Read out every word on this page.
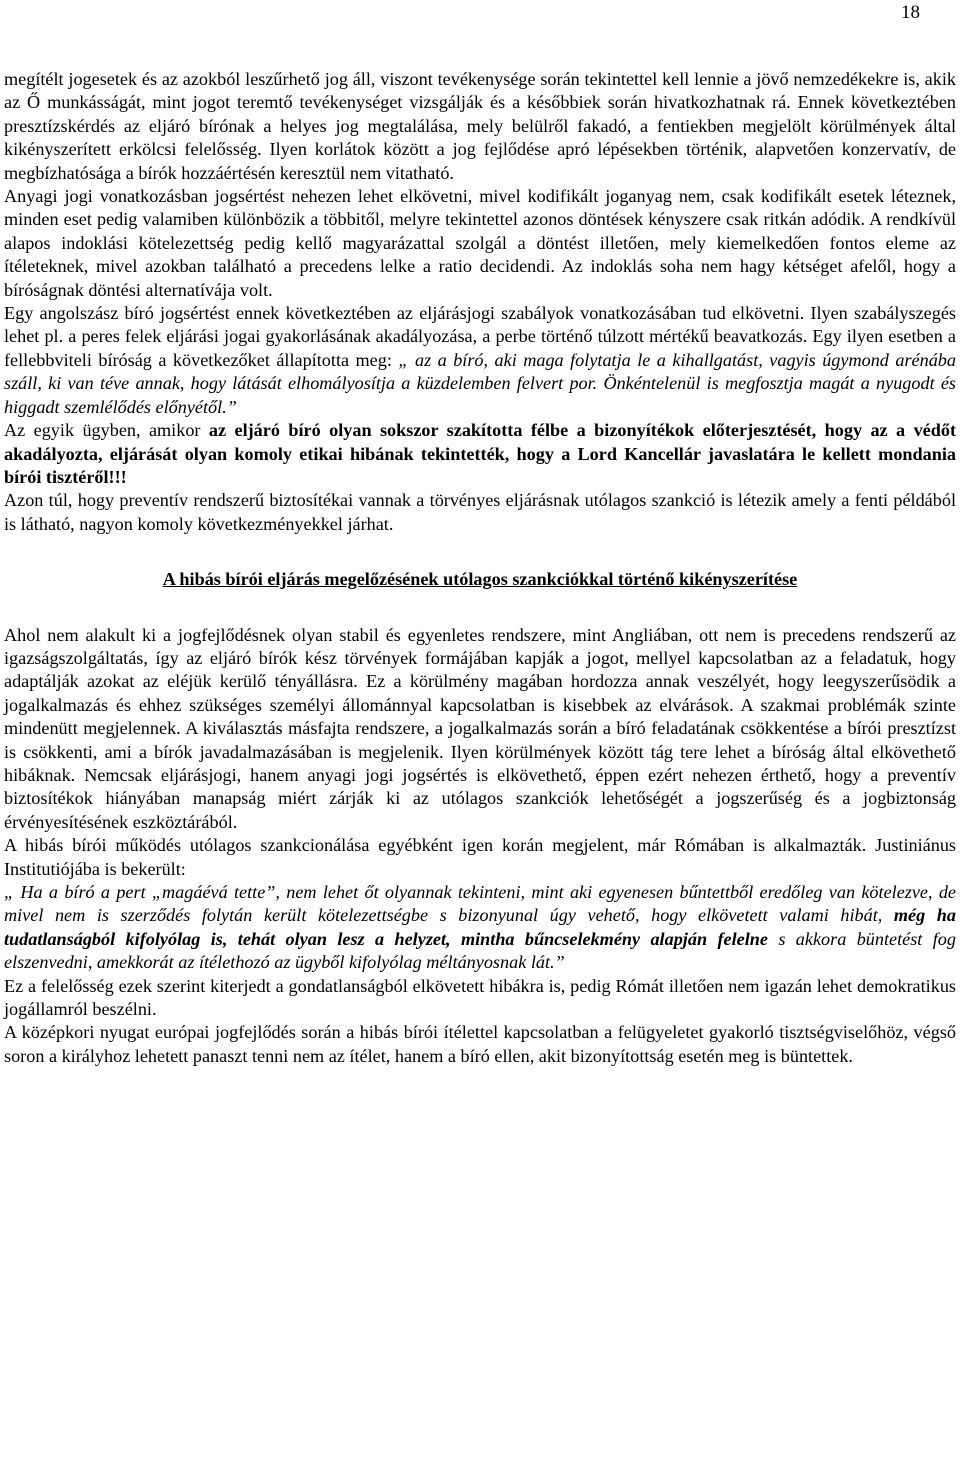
18

megítélt jogesetek és az azokból leszűrhető jog áll, viszont tevékenysége során tekintettel kell lennie a jövő nemzedékekre is, akik az Ő munkásságát, mint jogot teremtő tevékenységet vizsgálják és a későbbiek során hivatkozhatnak rá. Ennek következtében presztízskérdés az eljáró bírónak a helyes jog megtalálása, mely belülről fakadó, a fentiekben megjelölt körülmények által kikényszerített erkölcsi felelősség. Ilyen korlátok között a jog fejlődése apró lépésekben történik, alapvetően konzervatív, de megbízhatósága a bírók hozzáértésén keresztül nem vitatható.

Anyagi jogi vonatkozásban jogsértést nehezen lehet elkövetni, mivel kodifikált joganyag nem, csak kodifikált esetek léteznek, minden eset pedig valamiben különbözik a többitől, melyre tekintettel azonos döntések kényszere csak ritkán adódik. A rendkívül alapos indoklási kötelezettség pedig kellő magyarázattal szolgál a döntést illetően, mely kiemelkedően fontos eleme az ítéleteknek, mivel azokban található a precedens lelke a ratio decidendi. Az indoklás soha nem hagy kétséget afelől, hogy a bíróságnak döntési alternatívája volt.

Egy angolszász bíró jogsértést ennek következtében az eljárásjogi szabályok vonatkozásában tud elkövetni. Ilyen szabályszegés lehet pl. a peres felek eljárási jogai gyakorlásának akadályozása, a perbe történő túlzott mértékű beavatkozás. Egy ilyen esetben a fellebbviteli bíróság a következőket állapította meg: „ az a bíró, aki maga folytatja le a kihallgatást, vagyis úgymond arénába száll, ki van téve annak, hogy látását elhomályosítja a küzdelemben felvert por. Önkéntelenül is megfosztja magát a nyugodt és higgadt szemlélődés előnyétől.”

Az egyik ügyben, amikor az eljáró bíró olyan sokszor szakította félbe a bizonyítékok előterjesztését, hogy az a védőt akadályozta, eljárását olyan komoly etikai hibának tekintették, hogy a Lord Kancellár javaslatára le kellett mondania bírói tisztéről!!!

Azon túl, hogy preventív rendszerű biztosítékai vannak a törvényes eljárásnak utólagos szankció is létezik amely a fenti példából is látható, nagyon komoly következményekkel járhat.

A hibás bírói eljárás megelőzésének utólagos szankciókkal történő kikényszerítése

Ahol nem alakult ki a jogfejlődésnek olyan stabil és egyenletes rendszere, mint Angliában, ott nem is precedens rendszerű az igazságszolgáltatás, így az eljáró bírók kész törvények formájában kapják a jogot, mellyel kapcsolatban az a feladatuk, hogy adaptálják azokat az eléjük kerülő tényállásra. Ez a körülmény magában hordozza annak veszélyét, hogy leegyszerűsödik a jogalkalmazás és ehhez szükséges személyi állománnyal kapcsolatban is kisebbek az elvárások. A szakmai problémák szinte mindenütt megjelennek. A kiválasztás másfajta rendszere, a jogalkalmazás során a bíró feladatának csökkentése a bírói presztízst is csökkenti, ami a bírók javadalmazásában is megjelenik. Ilyen körülmények között tág tere lehet a bíróság által elkövethető hibáknak. Nemcsak eljárásjogi, hanem anyagi jogi jogsértés is elkövethető, éppen ezért nehezen érthető, hogy a preventív biztosítékok hiányában manapság miért zárják ki az utólagos szankciók lehetőségét a jogszerűség és a jogbiztonság érvényesítésének eszköztárából.

A hibás bírói működés utólagos szankcionálása egyébként igen korán megjelent, már Rómában is alkalmazták. Justiniánus Institutiójába is bekerült:

„ Ha a bíró a pert „magáévá tette”, nem lehet őt olyannak tekinteni, mint aki egyenesen bűntettből eredőleg van kötelezve, de mivel nem is szerződés folytán került kötelezettségbe s bizonyunal úgy vehető, hogy elkövetett valami hibát, még ha tudatlanságból kifolyólag is, tehát olyan lesz a helyzet, mintha bűncselekmény alapján felelne s akkora büntetést fog elszenvedni, amekkorát az ítélethozó az ügyből kifolyólag méltányosnak lát.”

Ez a felelősség ezek szerint kiterjedt a gondatlanságból elkövetett hibákra is, pedig Rómát illetően nem igazán lehet demokratikus jogállamról beszélni.

A középkori nyugat európai jogfejlődés során a hibás bírói ítélettel kapcsolatban a felügyeletet gyakorló tisztségviselőhöz, végső soron a királyhoz lehetett panaszt tenni nem az ítélet, hanem a bíró ellen, akit bizonyítottság esetén meg is büntettek.
